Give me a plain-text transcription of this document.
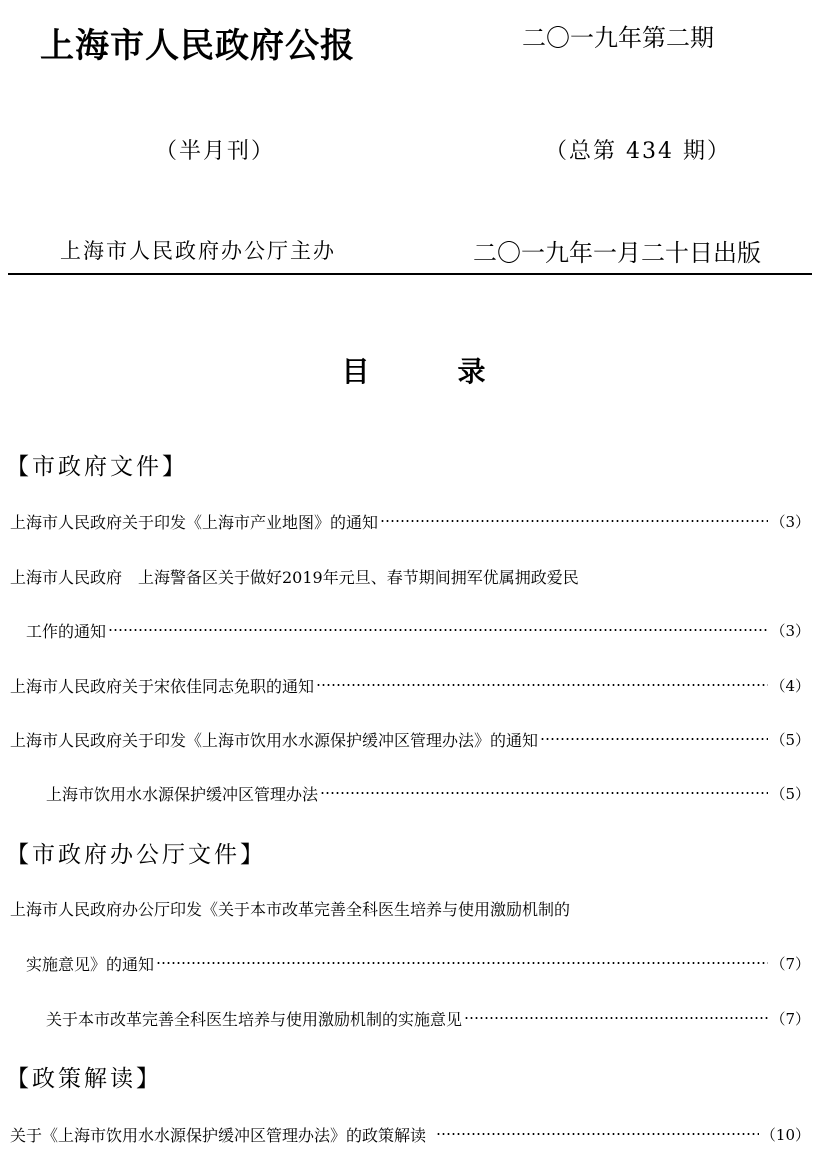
上海市人民政府公报	二〇一九年第二期
（半月刊）	（总第 434 期）
上海市人民政府办公厅主办	二〇一九年一月二十日出版
目	录
【市政府文件】
上海市人民政府关于印发《上海市产业地图》的通知	（3）
上海市人民政府　上海警备区关于做好2019年元旦、春节期间拥军优属拥政爱民
工作的通知	（3）
上海市人民政府关于宋依佳同志免职的通知	（4）
上海市人民政府关于印发《上海市饮用水水源保护缓冲区管理办法》的通知	（5）
上海市饮用水水源保护缓冲区管理办法	（5）
【市政府办公厅文件】
上海市人民政府办公厅印发《关于本市改革完善全科医生培养与使用激励机制的
实施意见》的通知	（7）
关于本市改革完善全科医生培养与使用激励机制的实施意见	（7）
【政策解读】
关于《上海市饮用水水源保护缓冲区管理办法》的政策解读	（10）
